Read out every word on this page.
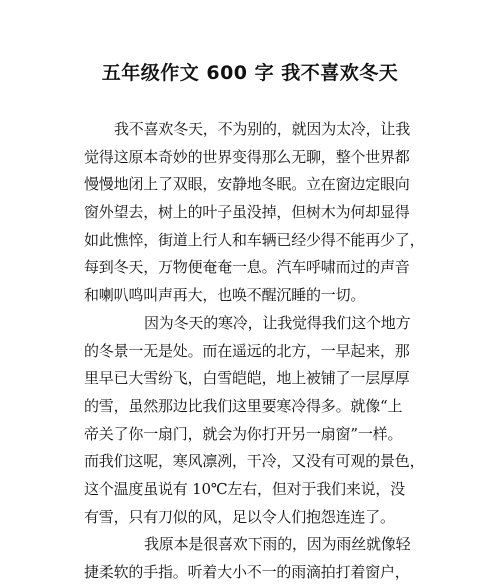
五年级作文 600 字 我不喜欢冬天
我不喜欢冬天，不为别的，就因为太冷，让我
觉得这原本奇妙的世界变得那么无聊，整个世界都
慢慢地闭上了双眼，安静地冬眠。立在窗边定眼向
窗外望去，树上的叶子虽没掉，但树木为何却显得
如此憔悴，街道上行人和车辆已经少得不能再少了，
每到冬天，万物便奄奄一息。汽车呼啸而过的声音
和喇叭鸣叫声再大，也唤不醒沉睡的一切。
因为冬天的寒冷，让我觉得我们这个地方
的冬景一无是处。而在遥远的北方，一早起来，那
里早已大雪纷飞，白雪皑皑，地上被铺了一层厚厚
的雪，虽然那边比我们这里要寒冷得多。就像“上
帝关了你一扇门，就会为你打开另一扇窗”一样。
而我们这呢，寒风凛冽，干冷，又没有可观的景色，
这个温度虽说有 10℃左右，但对于我们来说，没
有雪，只有刀似的风，足以令人们抱怨连连了。
我原本是很喜欢下雨的，因为雨丝就像轻
捷柔软的手指。听着大小不一的雨滴拍打着窗户，
